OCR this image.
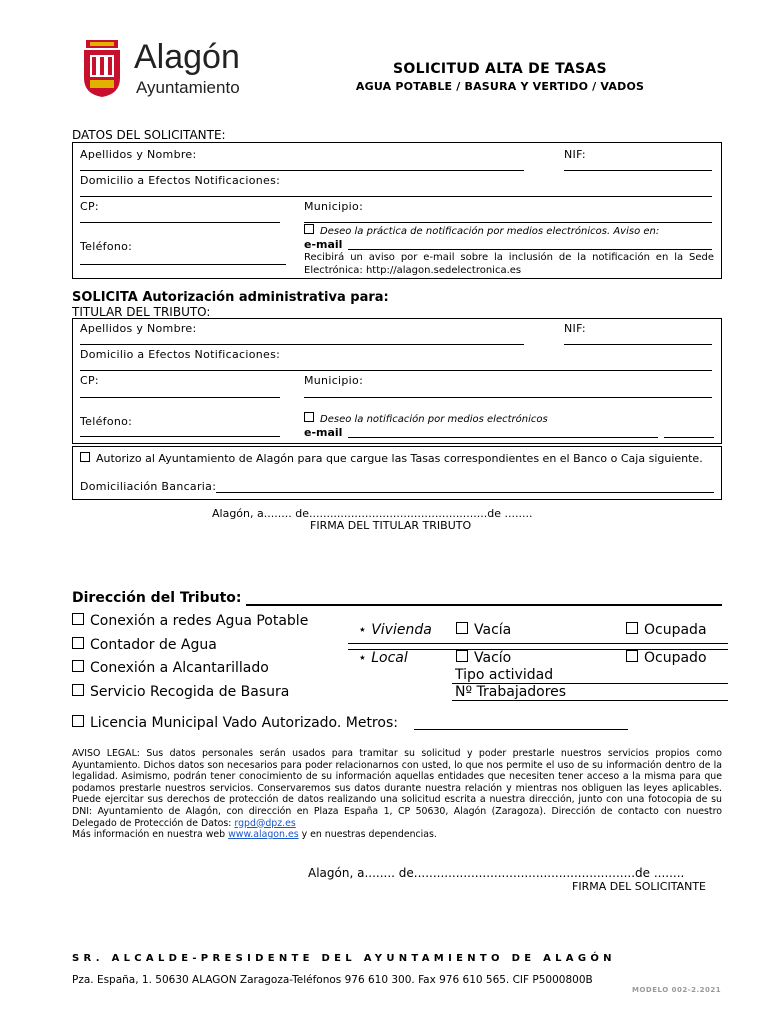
Alagón
Ayuntamiento
SOLICITUD ALTA DE TASAS
AGUA POTABLE / BASURA Y VERTIDO / VADOS
DATOS DEL SOLICITANTE:
Apellidos y Nombre:	NIF:
Domicilio a Efectos Notificaciones:
CP:	Municipio:
Deseo la práctica de notificación por medios electrónicos. Aviso en:
e-mail
Teléfono:
Recibirá un aviso por e-mail sobre la inclusión de la notificación en la Sede Electrónica: http://alagon.sedelectronica.es
SOLICITA Autorización administrativa para:
TITULAR DEL TRIBUTO:
Apellidos y Nombre:	NIF:
Domicilio a Efectos Notificaciones:
CP:	Municipio:
Teléfono:	Deseo la notificación por medios electrónicos
e-mail
Autorizo al Ayuntamiento de Alagón para que cargue las Tasas correspondientes en el Banco o Caja siguiente.
Domiciliación Bancaria:
Alagón, a........ de...................................................de ........
FIRMA DEL TITULAR TRIBUTO
Dirección del Tributo:
Conexión a redes Agua Potable
Contador de Agua
Conexión a Alcantarillado
Servicio Recogida de Basura
⋆ Vivienda	Vacía	Ocupada
⋆ Local	Vacío	Ocupado
Tipo actividad
Nº Trabajadores
Licencia Municipal Vado Autorizado. Metros:
AVISO LEGAL: Sus datos personales serán usados para tramitar su solicitud y poder prestarle nuestros servicios propios como Ayuntamiento. Dichos datos son necesarios para poder relacionarnos con usted, lo que nos permite el uso de su información dentro de la legalidad. Asimismo, podrán tener conocimiento de su información aquellas entidades que necesiten tener acceso a la misma para que podamos prestarle nuestros servicios. Conservaremos sus datos durante nuestra relación y mientras nos obliguen las leyes aplicables. Puede ejercitar sus derechos de protección de datos realizando una solicitud escrita a nuestra dirección, junto con una fotocopia de su DNI: Ayuntamiento de Alagón, con dirección en Plaza España 1, CP 50630, Alagón (Zaragoza). Dirección de contacto con nuestro Delegado de Protección de Datos: rgpd@dpz.es
Más información en nuestra web www.alagon.es y en nuestras dependencias.
Alagón, a........ de..........................................................de ........
FIRMA DEL SOLICITANTE
SR. ALCALDE-PRESIDENTE DEL AYUNTAMIENTO DE ALAGÓN
Pza. España, 1. 50630 ALAGON Zaragoza-Teléfonos 976 610 300. Fax 976 610 565. CIF P5000800B
MODELO 002-2.2021
